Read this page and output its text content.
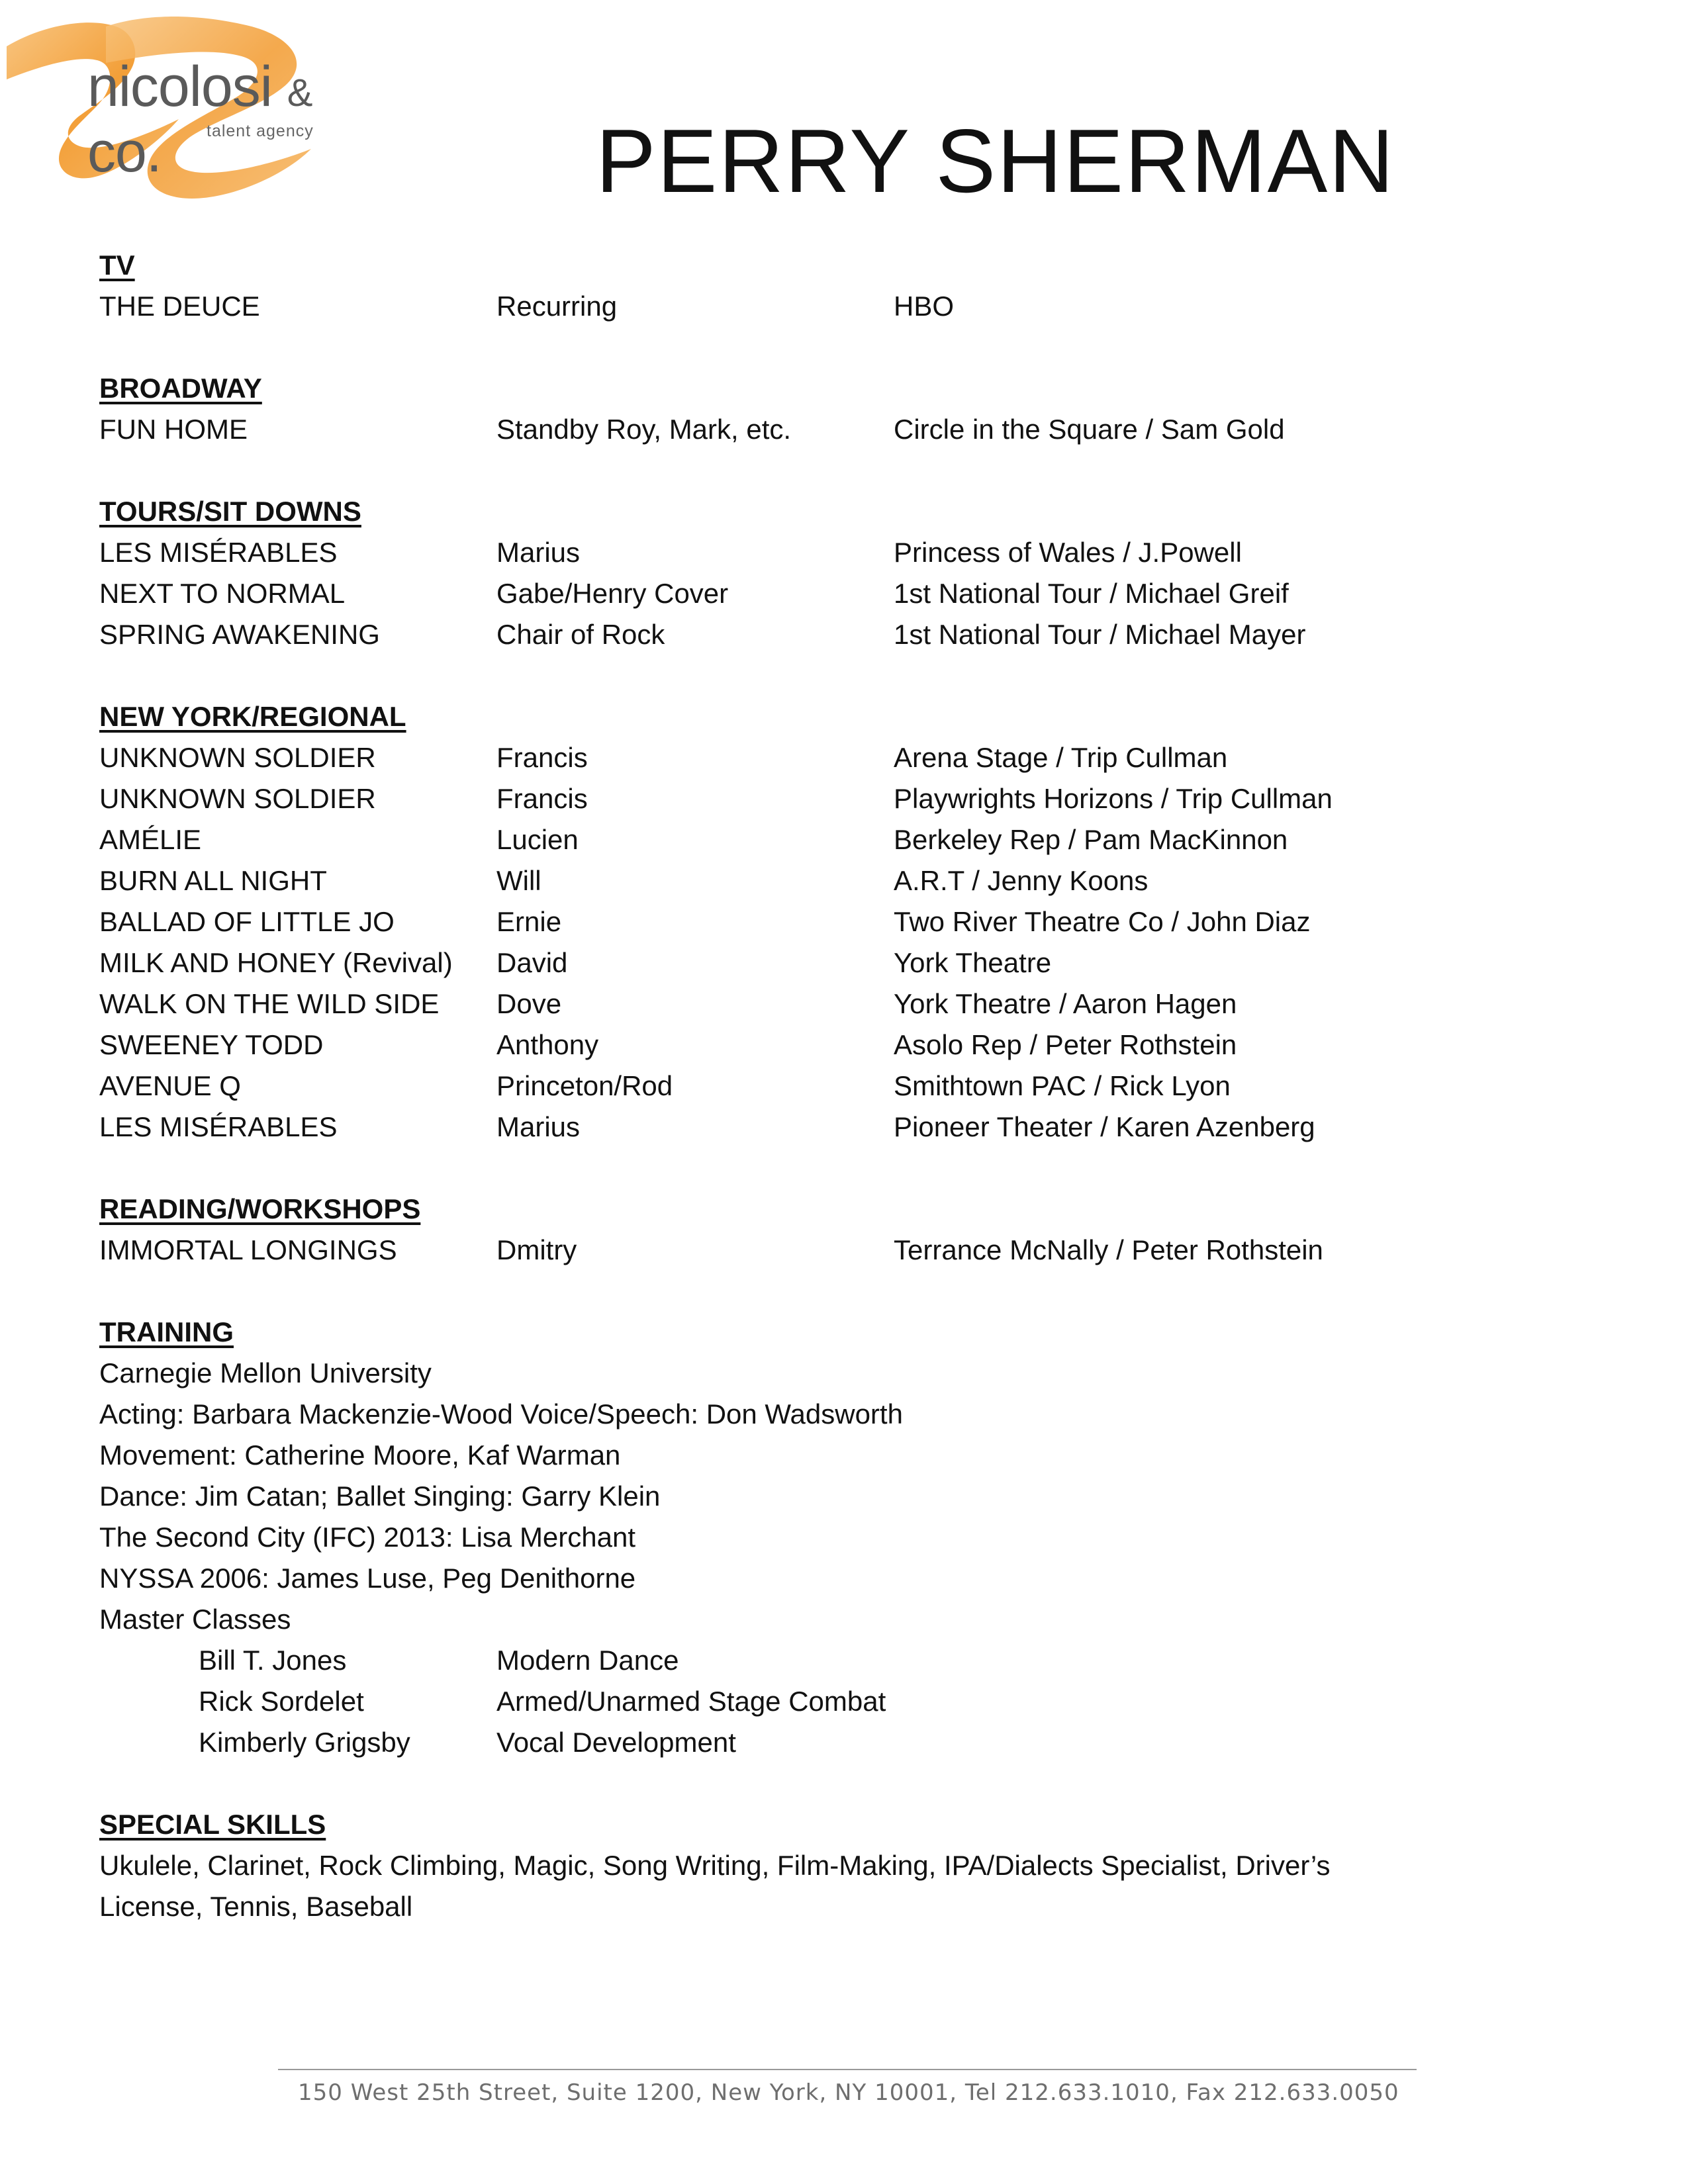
nicolosi & co.	talent agency	PERRY SHERMAN
TV
THE DEUCE	Recurring	HBO
BROADWAY
FUN HOME	Standby Roy, Mark, etc.	Circle in the Square / Sam Gold
TOURS/SIT DOWNS
LES MISÉRABLES	Marius	Princess of Wales / J.Powell
NEXT TO NORMAL	Gabe/Henry Cover	1st National Tour / Michael Greif
SPRING AWAKENING	Chair of Rock	1st National Tour / Michael Mayer
NEW YORK/REGIONAL
UNKNOWN SOLDIER	Francis	Arena Stage / Trip Cullman
UNKNOWN SOLDIER	Francis	Playwrights Horizons / Trip Cullman
AMÉLIE	Lucien	Berkeley Rep / Pam MacKinnon
BURN ALL NIGHT	Will	A.R.T / Jenny Koons
BALLAD OF LITTLE JO	Ernie	Two River Theatre Co / John Diaz
MILK AND HONEY (Revival)	David	York Theatre
WALK ON THE WILD SIDE	Dove	York Theatre / Aaron Hagen
SWEENEY TODD	Anthony	Asolo Rep / Peter Rothstein
AVENUE Q	Princeton/Rod	Smithtown PAC / Rick Lyon
LES MISÉRABLES	Marius	Pioneer Theater / Karen Azenberg
READING/WORKSHOPS
IMMORTAL LONGINGS	Dmitry	Terrance McNally / Peter Rothstein
TRAINING
Carnegie Mellon University
Acting: Barbara Mackenzie-Wood Voice/Speech: Don Wadsworth
Movement: Catherine Moore, Kaf Warman
Dance: Jim Catan; Ballet Singing: Garry Klein
The Second City (IFC) 2013: Lisa Merchant
NYSSA 2006: James Luse, Peg Denithorne
Master Classes
Bill T. Jones	Modern Dance
Rick Sordelet	Armed/Unarmed Stage Combat
Kimberly Grigsby	Vocal Development
SPECIAL SKILLS
Ukulele, Clarinet, Rock Climbing, Magic, Song Writing, Film-Making, IPA/Dialects Specialist, Driver’s
License, Tennis, Baseball
150 West 25th Street, Suite 1200, New York, NY 10001, Tel 212.633.1010, Fax 212.633.0050
